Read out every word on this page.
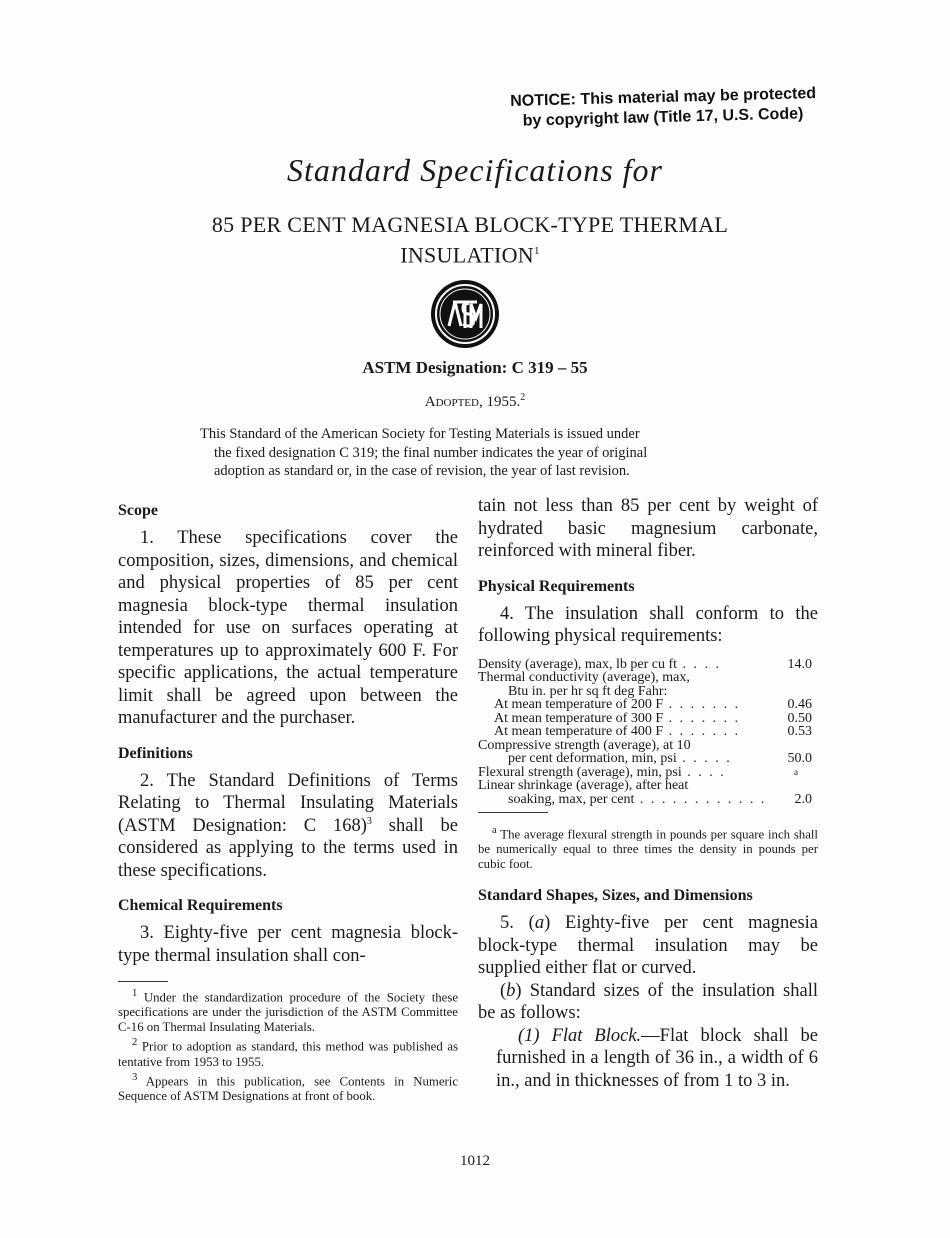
NOTICE: This material may be protected
by copyright law (Title 17, U.S. Code)
Standard Specifications for
85 PER CENT MAGNESIA BLOCK-TYPE THERMAL INSULATION$^1$
ASTM Designation: C 319 – 55
Adopted, 1955.$^2$
This Standard of the American Society for Testing Materials is issued under
the fixed designation C 319; the final number indicates the year of original
adoption as standard or, in the case of revision, the year of last revision.
Scope

1. These specifications cover the composition, sizes, dimensions, and chemical and physical properties of 85 per cent magnesia block-type thermal insulation intended for use on surfaces operating at temperatures up to approximately 600 F. For specific applications, the actual temperature limit shall be agreed upon between the manufacturer and the purchaser.

Definitions

2. The Standard Definitions of Terms Relating to Thermal Insulating Materials (ASTM Designation: C 168)$^3$ shall be considered as applying to the terms used in these specifications.

Chemical Requirements

3. Eighty-five per cent magnesia block-type thermal insulation shall con-

$^1$ Under the standardization procedure of the Society these specifications are under the jurisdiction of the ASTM Committee C-16 on Thermal Insulating Materials.

$^2$ Prior to adoption as standard, this method was published as tentative from 1953 to 1955.

$^3$ Appears in this publication, see Contents in Numeric Sequence of ASTM Designations at front of book.

tain not less than 85 per cent by weight of hydrated basic magnesium carbonate, reinforced with mineral fiber.

Physical Requirements

4. The insulation shall conform to the following physical requirements:

Density (average), max, lb per cu ft . . . .	14.0
Thermal conductivity (average), max,	
Btu in. per hr sq ft deg Fahr:	
At mean temperature of 200 F . . . . . . .	0.46
At mean temperature of 300 F . . . . . . .	0.50
At mean temperature of 400 F . . . . . . .	0.53
Compressive strength (average), at 10	
per cent deformation, min, psi . . . . .	50.0
Flexural strength (average), min, psi . . . .	a
Linear shrinkage (average), after heat	
soaking, max, per cent . . . . . . . . . . . .	2.0

$^a$ The average flexural strength in pounds per square inch shall be numerically equal to three times the density in pounds per cubic foot.

Standard Shapes, Sizes, and Dimensions

5. (a) Eighty-five per cent magnesia block-type thermal insulation may be supplied either flat or curved.

(b) Standard sizes of the insulation shall be as follows:

(1) Flat Block.—Flat block shall be furnished in a length of 36 in., a width of 6 in., and in thicknesses of from 1 to 3 in.

1012
